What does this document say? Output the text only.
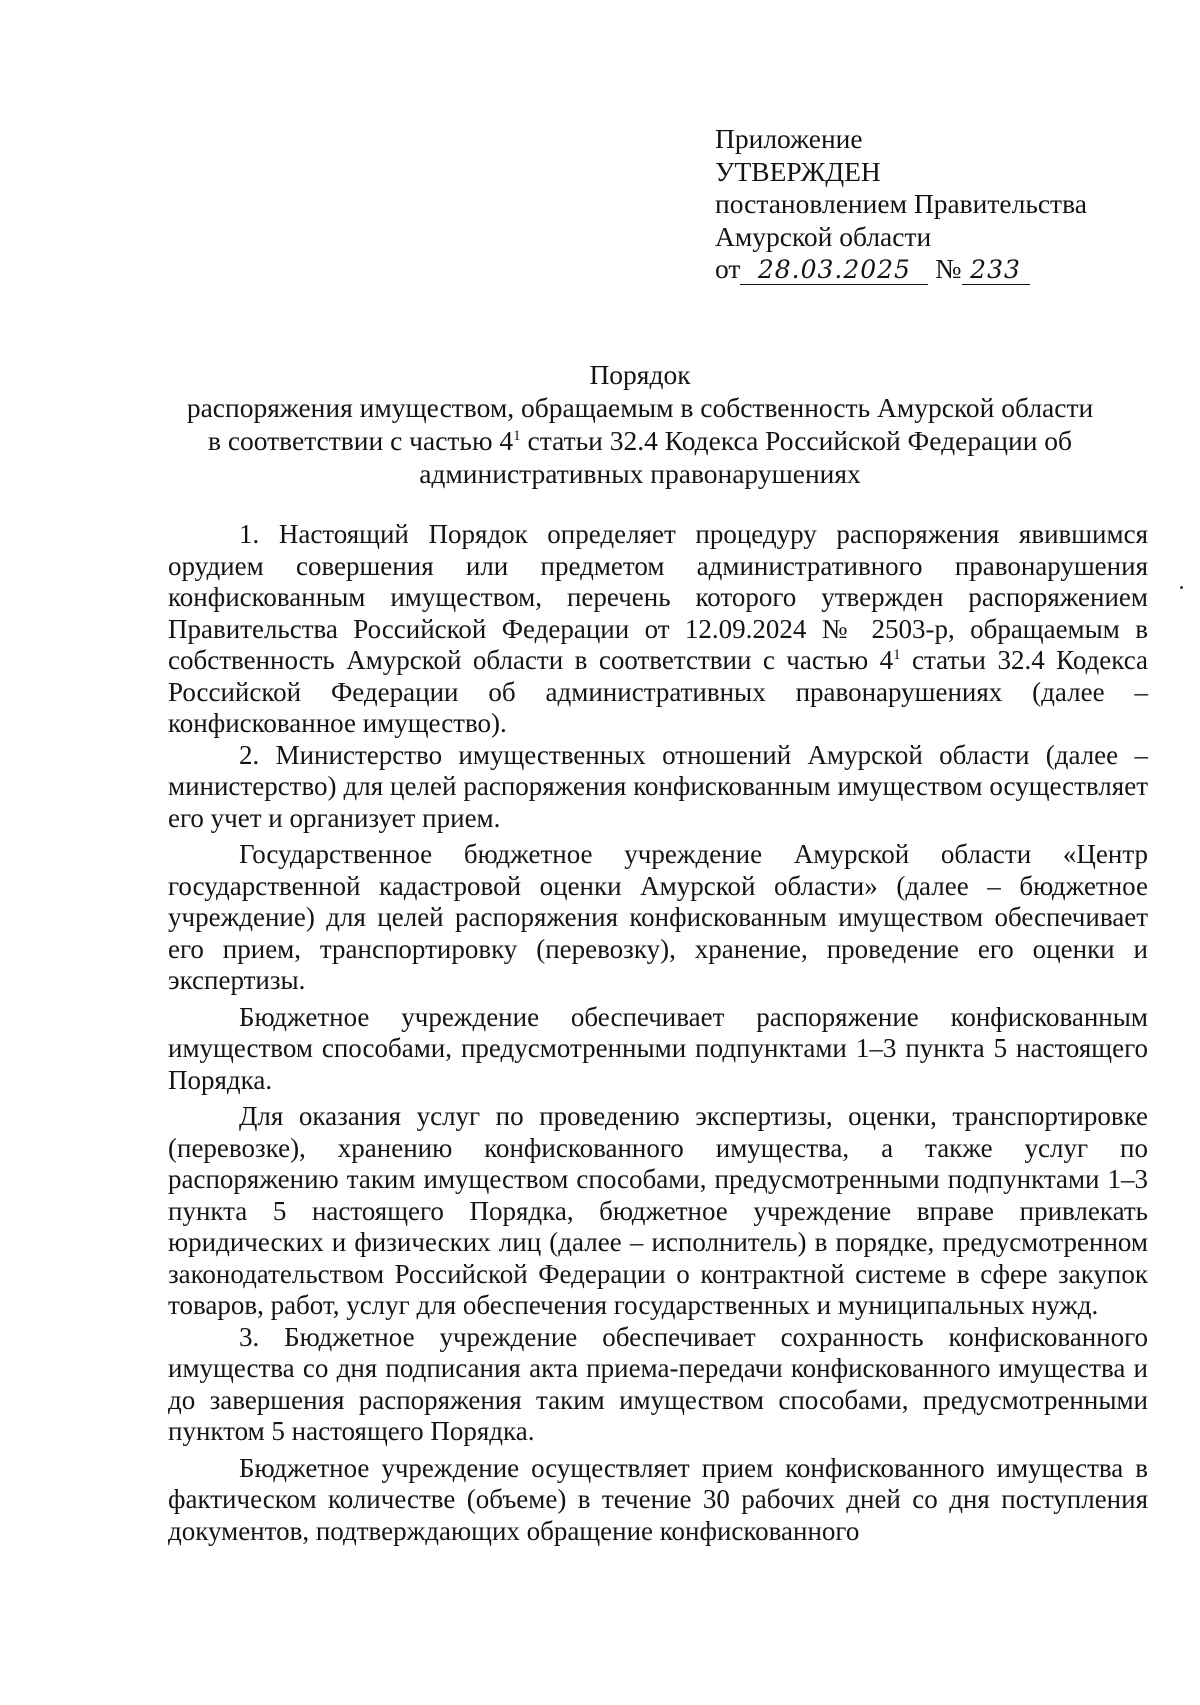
Приложение
УТВЕРЖДЕН
постановлением Правительства
Амурской области
от 28.03.2025 № 233
Порядок
распоряжения имуществом, обращаемым в собственность Амурской области
в соответствии с частью $4^1$ статьи 32.4 Кодекса Российской Федерации об
административных правонарушениях

1. Настоящий Порядок определяет процедуру распоряжения явившимся орудием совершения или предметом административного правонарушения конфискованным имуществом, перечень которого утвержден распоряжением Правительства Российской Федерации от 12.09.2024 № 2503-р, обращаемым в собственность Амурской области в соответствии с частью $4^1$ статьи 32.4 Кодекса Российской Федерации об административных правонарушениях (далее – конфискованное имущество).

2. Министерство имущественных отношений Амурской области (далее – министерство) для целей распоряжения конфискованным имуществом осуществляет его учет и организует прием.

Государственное бюджетное учреждение Амурской области «Центр государственной кадастровой оценки Амурской области» (далее – бюджетное учреждение) для целей распоряжения конфискованным имуществом обеспечивает его прием, транспортировку (перевозку), хранение, проведение его оценки и экспертизы.

Бюджетное учреждение обеспечивает распоряжение конфискованным имуществом способами, предусмотренными подпунктами 1–3 пункта 5 настоящего Порядка.

Для оказания услуг по проведению экспертизы, оценки, транспортировке (перевозке), хранению конфискованного имущества, а также услуг по распоряжению таким имуществом способами, предусмотренными подпунктами 1–3 пункта 5 настоящего Порядка, бюджетное учреждение вправе привлекать юридических и физических лиц (далее – исполнитель) в порядке, предусмотренном законодательством Российской Федерации о контрактной системе в сфере закупок товаров, работ, услуг для обеспечения государственных и муниципальных нужд.

3. Бюджетное учреждение обеспечивает сохранность конфискованного имущества со дня подписания акта приема-передачи конфискованного имущества и до завершения распоряжения таким имуществом способами, предусмотренными пунктом 5 настоящего Порядка.

Бюджетное учреждение осуществляет прием конфискованного имущества в фактическом количестве (объеме) в течение 30 рабочих дней со дня поступления документов, подтверждающих обращение конфискованного
